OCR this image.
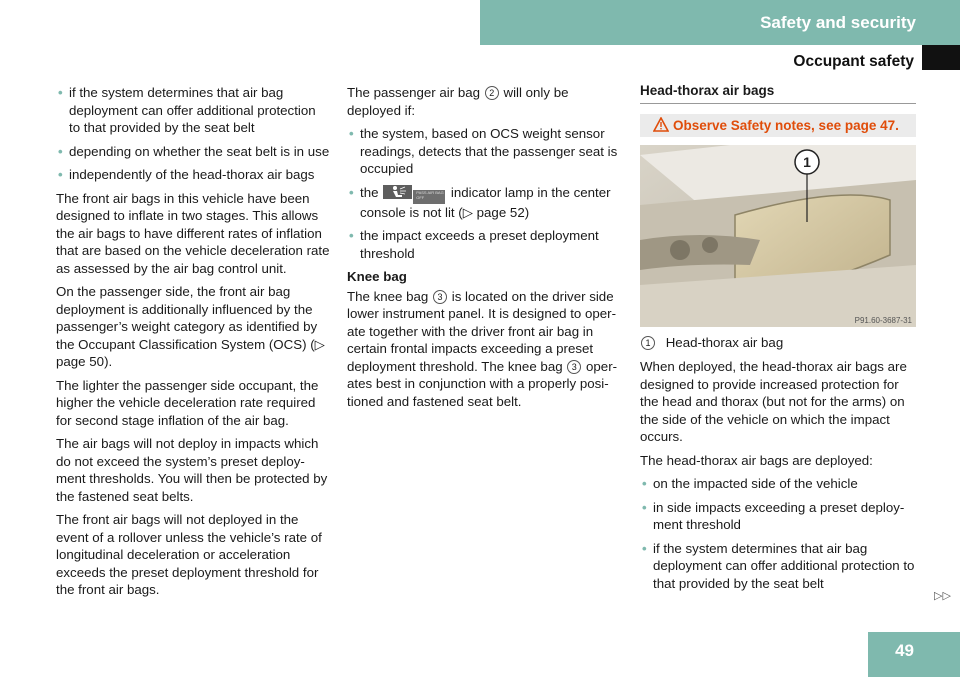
Safety and security
Occupant safety
• if the system determines that air bag deployment can offer additional protection to that provided by the seat belt
• depending on whether the seat belt is in use
• independently of the head-thorax air bags

The front air bags in this vehicle have been designed to inflate in two stages. This allows the air bags to have different rates of inflation that are based on the vehicle deceleration rate as assessed by the air bag control unit.

On the passenger side, the front air bag deployment is additionally influenced by the passenger’s weight category as identified by the Occupant Classification System (OCS) (▷ page 50).

The lighter the passenger side occupant, the higher the vehicle deceleration rate required for second stage inflation of the air bag.

The air bags will not deploy in impacts which do not exceed the system’s preset deploy-ment thresholds. You will then be protected by the fastened seat belts.

The front air bags will not deployed in the event of a rollover unless the vehicle’s rate of longitudinal deceleration or acceleration exceeds the preset deployment threshold for the front air bags.

The passenger air bag 2 will only be deployed if:

• the system, based on OCS weight sensor readings, detects that the passenger seat is occupied
• the	PASS AIR BAG OFF indicator lamp in the center console is not lit (▷ page 52)
• the impact exceeds a preset deployment threshold
Knee bag

The knee bag 3 is located on the driver side lower instrument panel. It is designed to oper-ate together with the driver front air bag in certain frontal impacts exceeding a preset deployment threshold. The knee bag 3 oper-ates best in conjunction with a properly posi-tioned and fastened seat belt.

Head-thorax air bags
Observe Safety notes, see page 47.
1
P91.60-3687-31
1 Head-thorax air bag

When deployed, the head-thorax air bags are designed to provide increased protection for the head and thorax (but not for the arms) on the side of the vehicle on which the impact occurs.

The head-thorax air bags are deployed:

• on the impacted side of the vehicle
• in side impacts exceeding a preset deploy-ment threshold
• if the system determines that air bag deployment can offer additional protection to that provided by the seat belt
▷▷
49
